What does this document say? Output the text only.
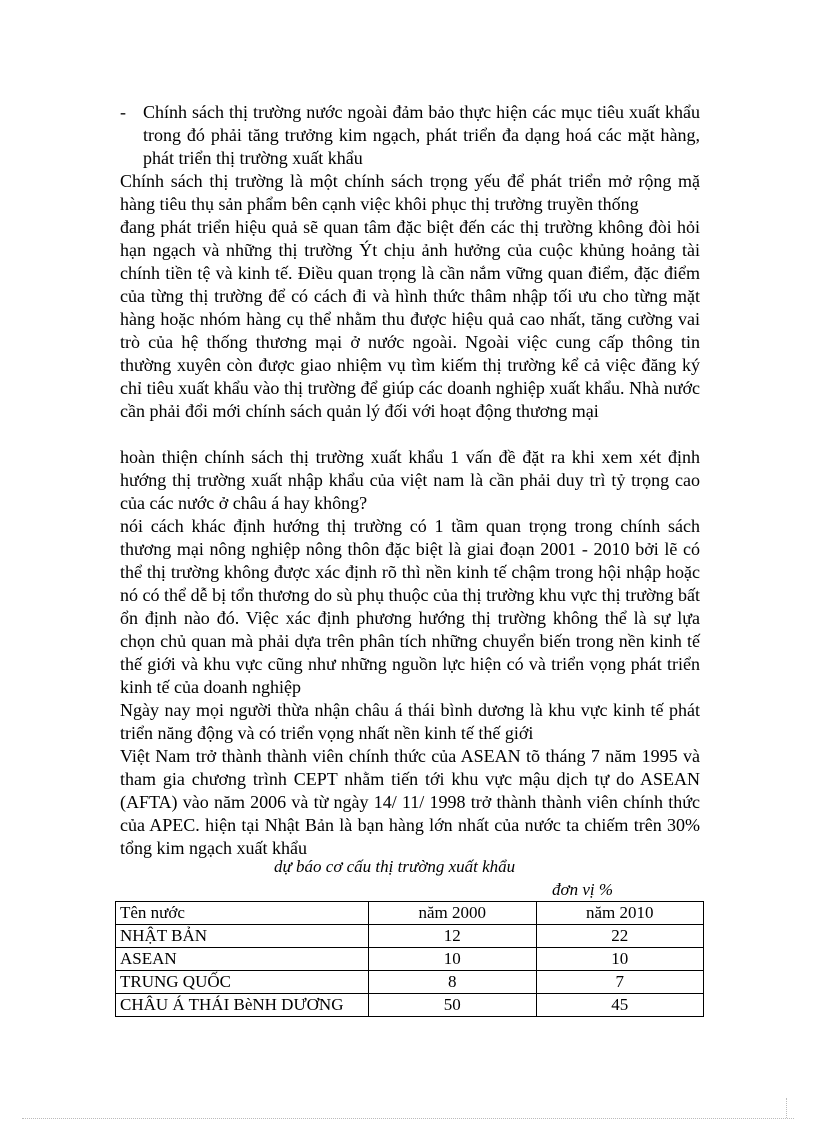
- Chính sách thị trường nước ngoài đảm bảo thực hiện các mục tiêu xuất khẩu trong đó phải tăng trưởng kim ngạch, phát triển đa dạng hoá các mặt hàng, phát triển thị trường xuất khẩu

Chính sách thị trường là một chính sách trọng yếu để phát triển mở rộng mặ hàng tiêu thụ sản phẩm bên cạnh việc khôi phục thị trường truyền thống

đang phát triển hiệu quả sẽ quan tâm đặc biệt đến các thị trường không đòi hỏi hạn ngạch và những thị trường Ýt chịu ảnh hưởng của cuộc khủng hoảng tài chính tiền tệ và kinh tế. Điều quan trọng là cần nắm vững quan điểm, đặc điểm của từng thị trường để có cách đi và hình thức thâm nhập tối ưu cho từng mặt hàng hoặc nhóm hàng cụ thể nhằm thu được hiệu quả cao nhất, tăng cường vai trò của hệ thống thương mại ở nước ngoài. Ngoài việc cung cấp thông tin thường xuyên còn được giao nhiệm vụ tìm kiếm thị trường kể cả việc đăng ký chỉ tiêu xuất khẩu vào thị trường để giúp các doanh nghiệp xuất khẩu. Nhà nước cần phải đổi mới chính sách quản lý đối với hoạt động thương mại

hoàn thiện chính sách thị trường xuất khẩu 1 vấn đề đặt ra khi xem xét định hướng thị trường xuất nhập khẩu của việt nam là cần phải duy trì tỷ trọng cao của các nước ở châu á hay không?

nói cách khác định hướng thị trường có 1 tầm quan trọng trong chính sách thương mại nông nghiệp nông thôn đặc biệt là giai đoạn 2001 - 2010 bởi lẽ có thể thị trường không được xác định rõ thì nền kinh tế chậm trong hội nhập hoặc nó có thể dễ bị tổn thương do sù phụ thuộc của thị trường khu vực thị trường bất ổn định nào đó. Việc xác định phương hướng thị trường không thể là sự lựa chọn chủ quan mà phải dựa trên phân tích những chuyển biến trong nền kinh tế thế giới và khu vực cũng như những nguồn lực hiện có và triển vọng phát triển kinh tế của doanh nghiệp

Ngày nay mọi người thừa nhận châu á thái bình dương là khu vực kinh tế phát triển năng động và có triển vọng nhất nền kinh tế thế giới

Việt Nam trở thành thành viên chính thức của ASEAN tõ tháng 7 năm 1995 và tham gia chương trình CEPT nhằm tiến tới khu vực mậu dịch tự do ASEAN (AFTA) vào năm 2006 và từ ngày 14/ 11/ 1998 trở thành thành viên chính thức của APEC. hiện tại Nhật Bản là bạn hàng lớn nhất của nước ta chiếm trên 30% tổng kim ngạch xuất khẩu

dự báo cơ cấu thị trường xuất khẩu
đơn vị %
Tên nước	năm 2000	năm 2010
NHẬT BẢN	12	22
ASEAN	10	10
TRUNG QUỐC	8	7
CHÂU Á THÁI BèNH DƯƠNG	50	45
